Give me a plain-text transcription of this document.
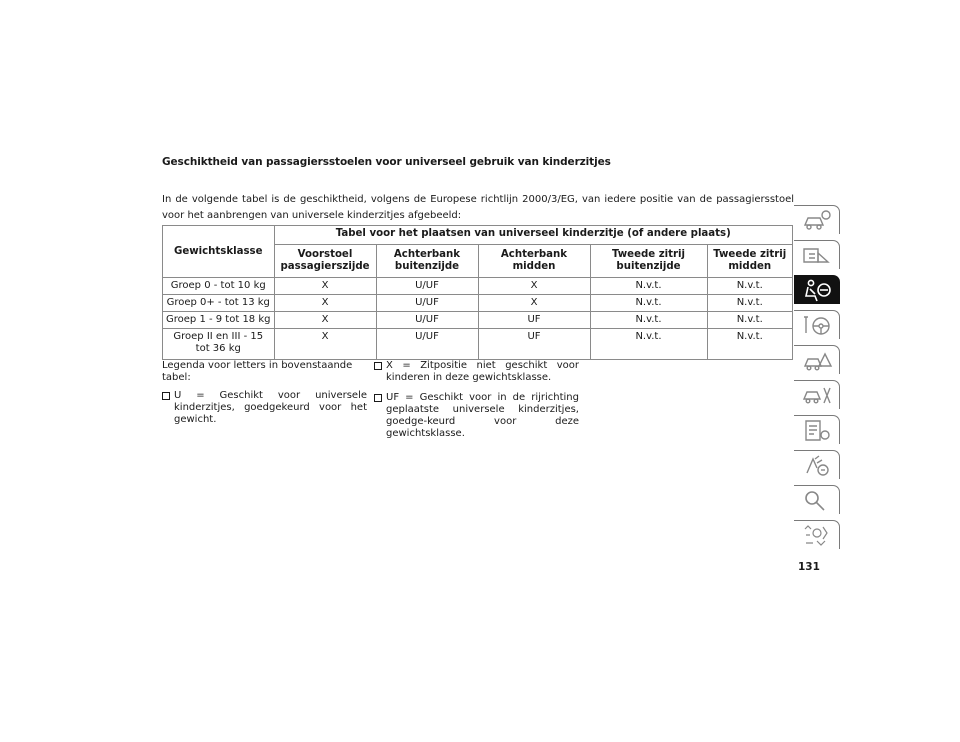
Geschiktheid van passagiersstoelen voor universeel gebruik van kinderzitjes
In de volgende tabel is de geschiktheid, volgens de Europese richtlijn 2000/3/EG, van iedere positie van de passagiersstoel voor het aanbrengen van universele kinderzitjes afgebeeld:
Gewichtsklasse	Tabel voor het plaatsen van universeel kinderzitje (of andere plaats)				
	Voorstoel passagierszijde	Achterbank buitenzijde	Achterbank midden	Tweede zitrij buitenzijde	Tweede zitrij midden
Groep 0 - tot 10 kg	X	U/UF	X	N.v.t.	N.v.t.
Groep 0+ - tot 13 kg	X	U/UF	X	N.v.t.	N.v.t.
Groep 1 - 9 tot 18 kg	X	U/UF	UF	N.v.t.	N.v.t.
Groep II en III - 15 tot 36 kg	X	U/UF	UF	N.v.t.	N.v.t.

Legenda voor letters in bovenstaande tabel:

U = Geschikt voor universele kinderzitjes, goedgekeurd voor het gewicht.

X = Zitpositie niet geschikt voor kinderen in deze gewichtsklasse.

UF = Geschikt voor in de rijrichting geplaatste universele kinderzitjes, goedge-keurd voor deze gewichtsklasse.

131
